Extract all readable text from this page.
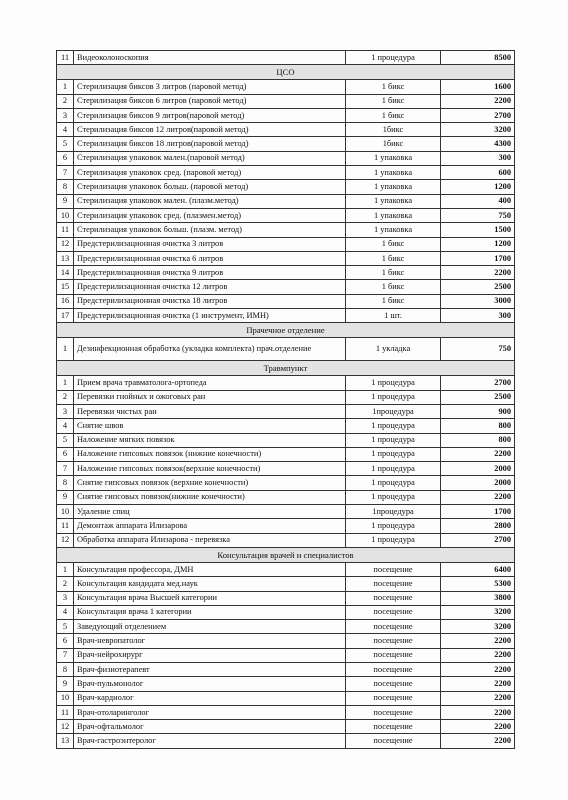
11	Видеоколоноскопия	1 процедура	8500
ЦСО			
1	Стерилизация биксов 3 литров (паровой метод)	1 бикс	1600
2	Стерилизация биксов 6 литров (паровой метод)	1 бикс	2200
3	Стерилизация биксов 9 литров(паровой метод)	1 бикс	2700
4	Стерилизация биксов 12 литров(паровой метод)	1бикс	3200
5	Стерилизация биксов 18 литров(паровой метод)	1бикс	4300
6	Стерилизация упаковок мален.(паровой метод)	1 упаковка	300
7	Стерилизация упаковок сред. (паровой метод)	1 упаковка	600
8	Стерилизация упаковок больш. (паровой метод)	1 упаковка	1200
9	Стерилизация упаковок мален. (плазм.метод)	1 упаковка	400
10	Стерилизация упаковок сред. (плазмен.метод)	1 упаковка	750
11	Стерилизация упаковок больш. (плазм. метод)	1 упаковка	1500
12	Предстерилизационная очистка 3 литров	1 бикс	1200
13	Предстерилизационная очистка 6 литров	1 бикс	1700
14	Предстерилизационная очистка 9 литров	1 бикс	2200
15	Предстерилизационная очистка 12 литров	1 бикс	2500
16	Предстерилизационная очистка 18 литров	1 бикс	3000
17	Предстерилизационная очистка (1 инструмент, ИМН)	1 шт.	300
Прачечное отделение			
1	Дезинфекционная обработка (укладка комплекта) прач.отделение	1 укладка	750
Травмпункт			
1	Прием врача травматолога-ортопеда	1 процедура	2700
2	Перевязки гнойных и ожоговых ран	1 процедура	2500
3	Перевязки чистых ран	1процедура	900
4	Снятие швов	1 процедура	800
5	Наложение мягких повязок	1 процедура	800
6	Наложение гипсовых повязок (нижние конечности)	1 процедура	2200
7	Наложение гипсовых повязок(верхние конечности)	1 процедура	2000
8	Снятие гипсовых повязок (верхние конечности)	1 процедура	2000
9	Снятие гипсовых повязок(нижние конечности)	1 процедура	2200
10	Удаление спиц	1процедура	1700
11	Демонтаж аппарата Илизарова	1 процедура	2800
12	Обработка аппарата Илизарова - перевязка	1 процедура	2700
Консультация врачей и специалистов			
1	Консультация профессора, ДМН	посещение	6400
2	Консультация кандидата мед.наук	посещение	5300
3	Консультация врача Высшей категории	посещение	3800
4	Консультация врача 1 категории	посещение	3200
5	Заведующий отделением	посещение	3200
6	Врач-невропатолог	посещение	2200
7	Врач-нейрохирург	посещение	2200
8	Врач-физиотерапевт	посещение	2200
9	Врач-пульмонолог	посещение	2200
10	Врач-кардиолог	посещение	2200
11	Врач-отоларинголог	посещение	2200
12	Врач-офтальмолог	посещение	2200
13	Врач-гастроэнтеролог	посещение	2200
